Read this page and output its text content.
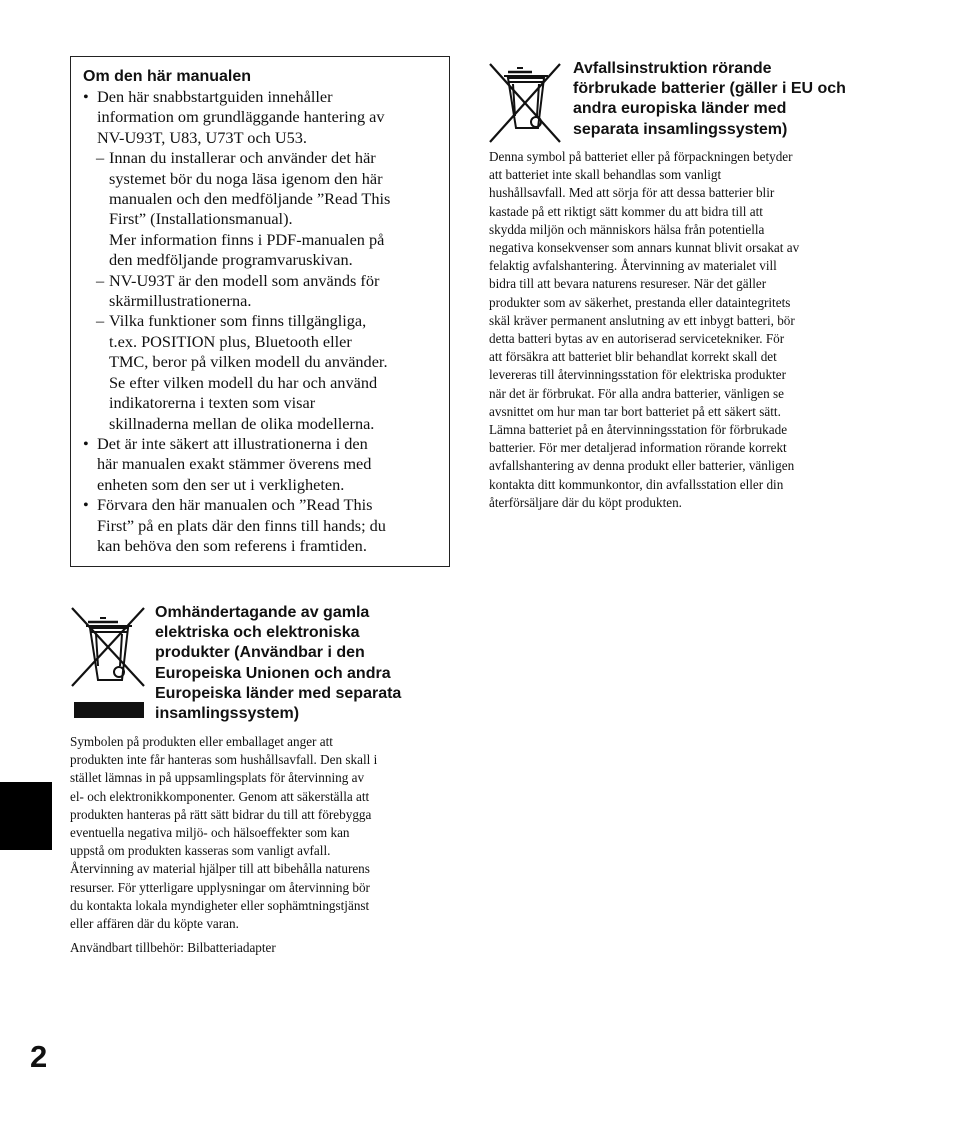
Om den här manualen
• Den här snabbstartguiden innehåller
information om grundläggande hantering av
NV-U93T, U83, U73T och U53.
– Innan du installerar och använder det här
systemet bör du noga läsa igenom den här
manualen och den medföljande ”Read This
First” (Installationsmanual).
Mer information finns i PDF-manualen på
den medföljande programvaruskivan.
– NV-U93T är den modell som används för
skärmillustrationerna.
– Vilka funktioner som finns tillgängliga,
t.ex. POSITION plus, Bluetooth eller
TMC, beror på vilken modell du använder.
Se efter vilken modell du har och använd
indikatorerna i texten som visar
skillnaderna mellan de olika modellerna.
• Det är inte säkert att illustrationerna i den
här manualen exakt stämmer överens med
enheten som den ser ut i verkligheten.
• Förvara den här manualen och ”Read This
First” på en plats där den finns till hands; du
kan behöva den som referens i framtiden.
Omhändertagande av gamla
elektriska och elektroniska
produkter (Användbar i den
Europeiska Unionen och andra
Europeiska länder med separata
insamlingssystem)
Symbolen på produkten eller emballaget anger att
produkten inte får hanteras som hushållsavfall. Den skall i
stället lämnas in på uppsamlingsplats för återvinning av
el- och elektronikkomponenter. Genom att säkerställa att
produkten hanteras på rätt sätt bidrar du till att förebygga
eventuella negativa miljö- och hälsoeffekter som kan
uppstå om produkten kasseras som vanligt avfall.
Återvinning av material hjälper till att bibehålla naturens
resurser. För ytterligare upplysningar om återvinning bör
du kontakta lokala myndigheter eller sophämtningstjänst
eller affären där du köpte varan.
Användbart tillbehör: Bilbatteriadapter
Avfallsinstruktion rörande
förbrukade batterier (gäller i EU och
andra europiska länder med
separata insamlingssystem)
Denna symbol på batteriet eller på förpackningen betyder
att batteriet inte skall behandlas som vanligt
hushållsavfall. Med att sörja för att dessa batterier blir
kastade på ett riktigt sätt kommer du att bidra till att
skydda miljön och människors hälsa från potentiella
negativa konsekvenser som annars kunnat blivit orsakat av
felaktig avfalshantering. Återvinning av materialet vill
bidra till att bevara naturens resureser. När det gäller
produkter som av säkerhet, prestanda eller dataintegritets
skäl kräver permanent anslutning av ett inbygt batteri, bör
detta batteri bytas av en autoriserad servicetekniker. För
att försäkra att batteriet blir behandlat korrekt skall det
levereras till återvinningsstation för elektriska produkter
när det är förbrukat. För alla andra batterier, vänligen se
avsnittet om hur man tar bort batteriet på ett säkert sätt.
Lämna batteriet på en återvinningsstation för förbrukade
batterier. För mer detaljerad information rörande korrekt
avfallshantering av denna produkt eller batterier, vänligen
kontakta ditt kommunkontor, din avfallsstation eller din
återförsäljare där du köpt produkten.
2
